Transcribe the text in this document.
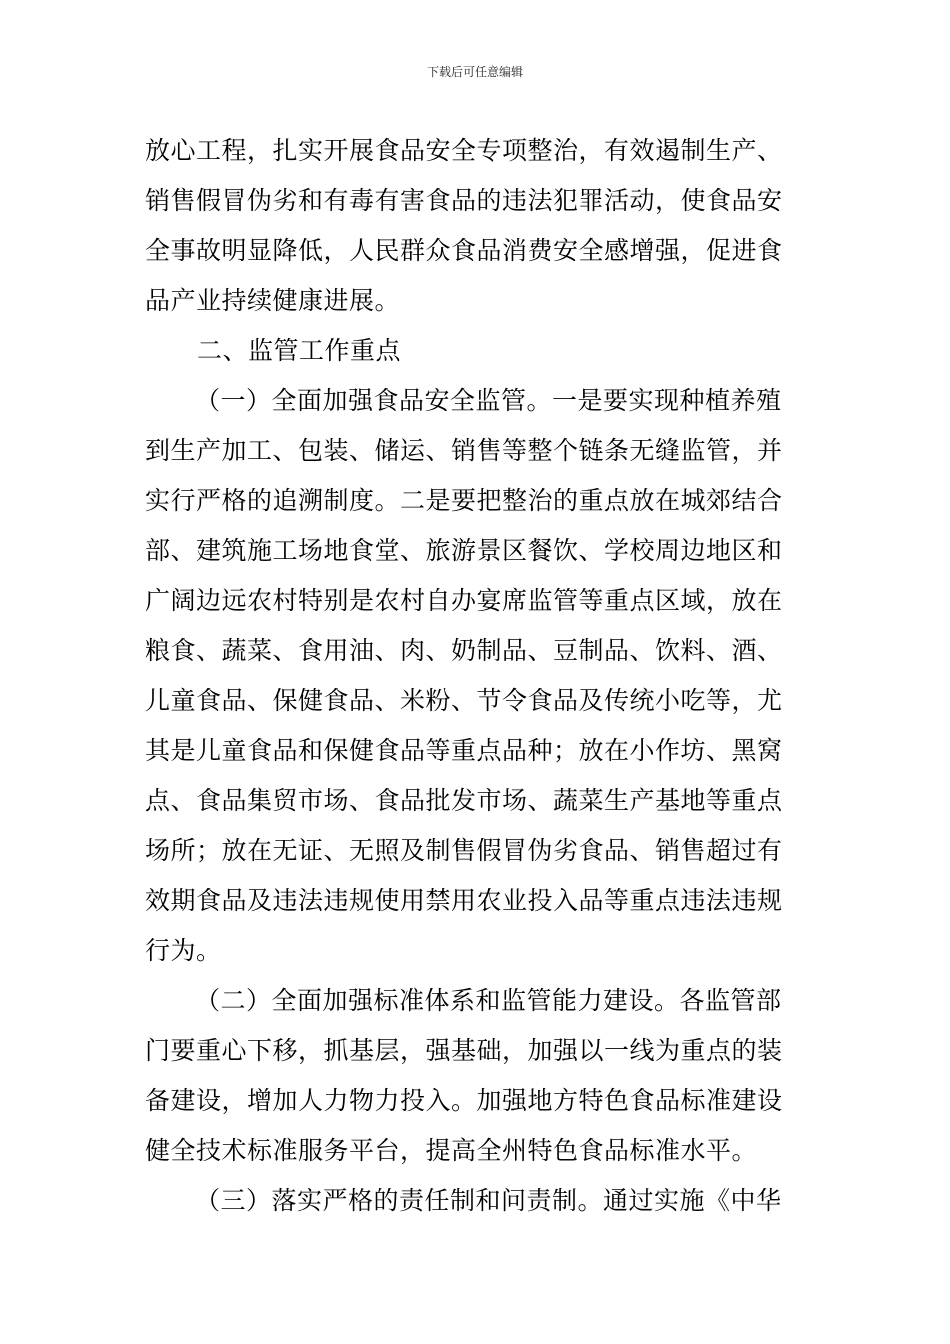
下载后可任意编辑
放心工程，扎实开展食品安全专项整治，有效遏制生产、
销售假冒伪劣和有毒有害食品的违法犯罪活动，使食品安
全事故明显降低，人民群众食品消费安全感增强，促进食
品产业持续健康进展。
二、监管工作重点
（一）全面加强食品安全监管。一是要实现种植养殖
到生产加工、包装、储运、销售等整个链条无缝监管，并
实行严格的追溯制度。二是要把整治的重点放在城郊结合
部、建筑施工场地食堂、旅游景区餐饮、学校周边地区和
广阔边远农村特别是农村自办宴席监管等重点区域，放在
粮食、蔬菜、食用油、肉、奶制品、豆制品、饮料、酒、
儿童食品、保健食品、米粉、节令食品及传统小吃等，尤
其是儿童食品和保健食品等重点品种；放在小作坊、黑窝
点、食品集贸市场、食品批发市场、蔬菜生产基地等重点
场所；放在无证、无照及制售假冒伪劣食品、销售超过有
效期食品及违法违规使用禁用农业投入品等重点违法违规
行为。
（二）全面加强标准体系和监管能力建设。各监管部
门要重心下移，抓基层，强基础，加强以一线为重点的装
备建设，增加人力物力投入。加强地方特色食品标准建设
健全技术标准服务平台，提高全州特色食品标准水平。
（三）落实严格的责任制和问责制。通过实施《中华
